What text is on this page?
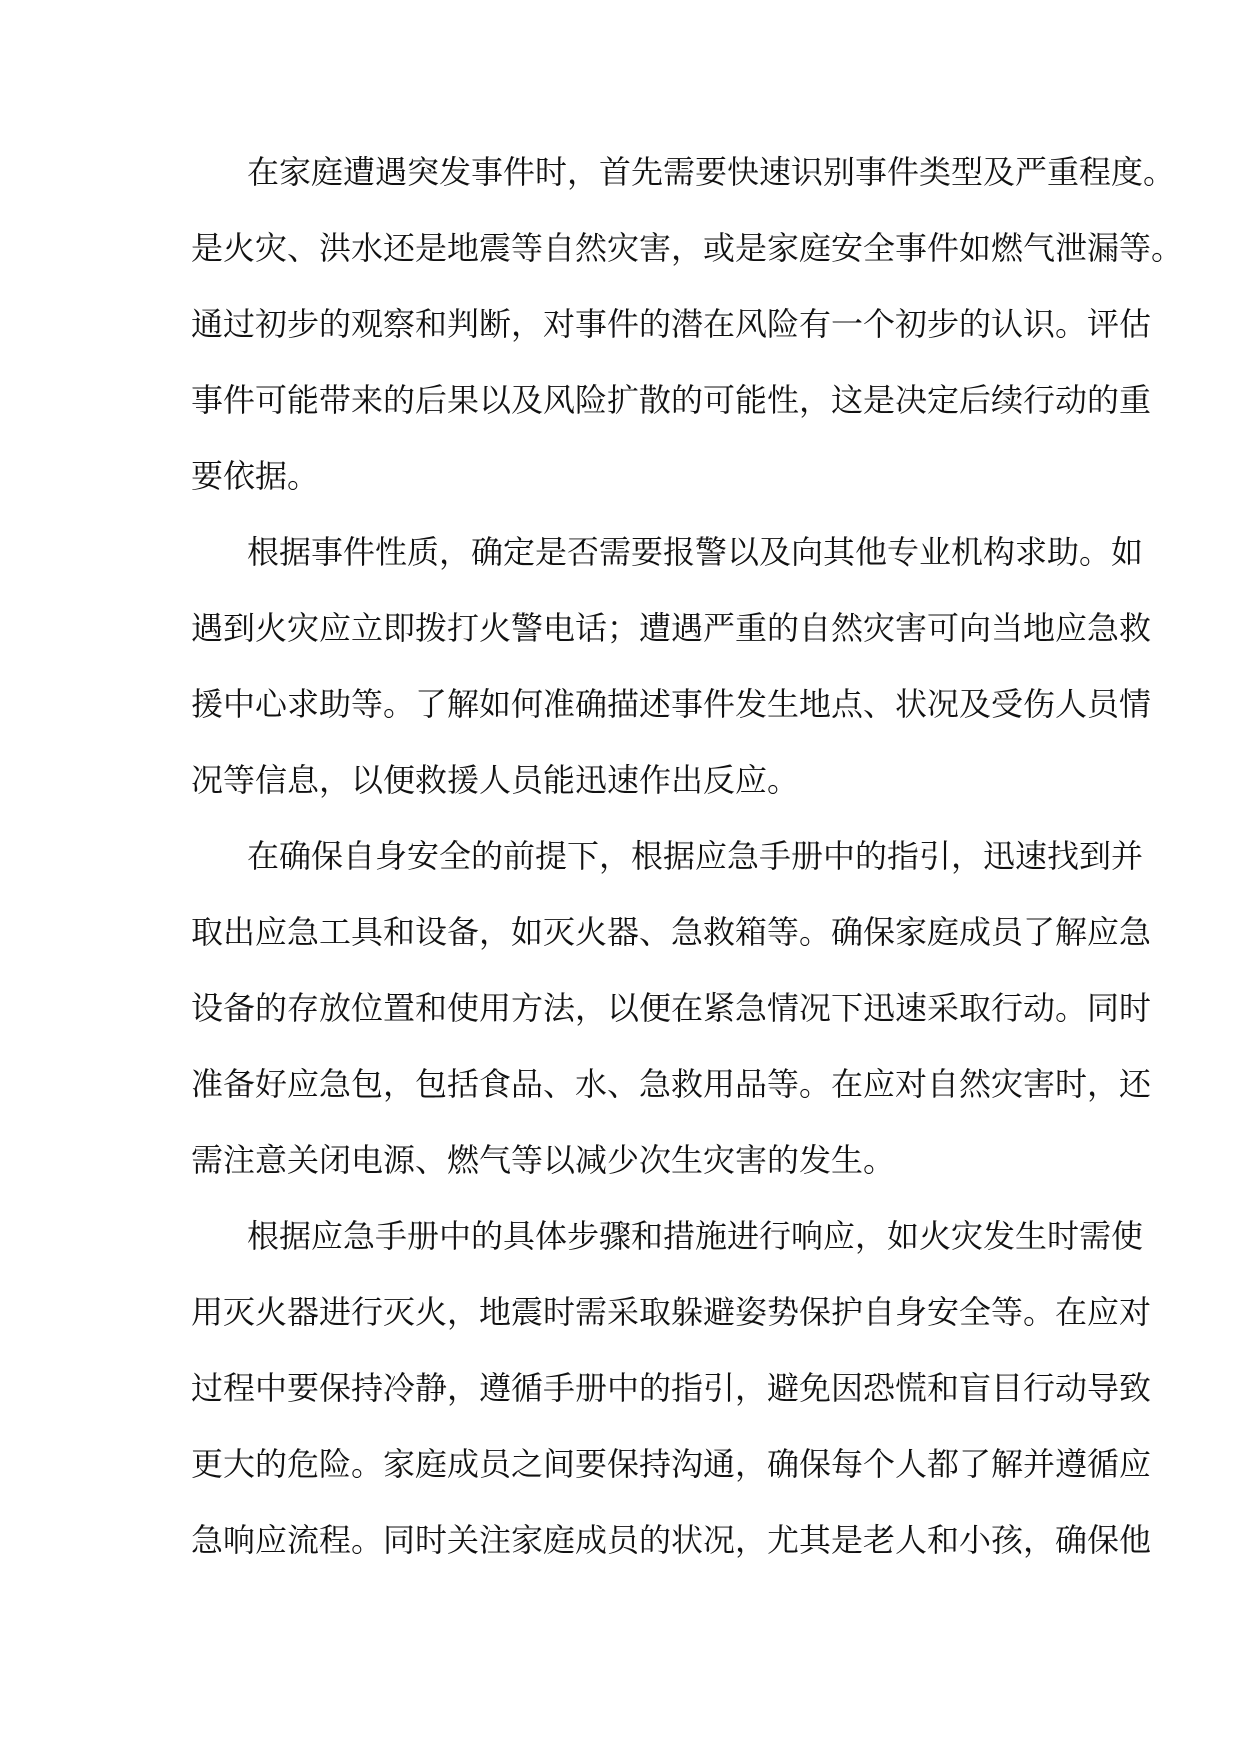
在家庭遭遇突发事件时，首先需要快速识别事件类型及严重程度。
是火灾、洪水还是地震等自然灾害，或是家庭安全事件如燃气泄漏等。
通过初步的观察和判断，对事件的潜在风险有一个初步的认识。评估
事件可能带来的后果以及风险扩散的可能性，这是决定后续行动的重
要依据。
根据事件性质，确定是否需要报警以及向其他专业机构求助。如
遇到火灾应立即拨打火警电话；遭遇严重的自然灾害可向当地应急救
援中心求助等。了解如何准确描述事件发生地点、状况及受伤人员情
况等信息，以便救援人员能迅速作出反应。
在确保自身安全的前提下，根据应急手册中的指引，迅速找到并
取出应急工具和设备，如灭火器、急救箱等。确保家庭成员了解应急
设备的存放位置和使用方法，以便在紧急情况下迅速采取行动。同时
准备好应急包，包括食品、水、急救用品等。在应对自然灾害时，还
需注意关闭电源、燃气等以减少次生灾害的发生。
根据应急手册中的具体步骤和措施进行响应，如火灾发生时需使
用灭火器进行灭火，地震时需采取躲避姿势保护自身安全等。在应对
过程中要保持冷静，遵循手册中的指引，避免因恐慌和盲目行动导致
更大的危险。家庭成员之间要保持沟通，确保每个人都了解并遵循应
急响应流程。同时关注家庭成员的状况，尤其是老人和小孩，确保他
